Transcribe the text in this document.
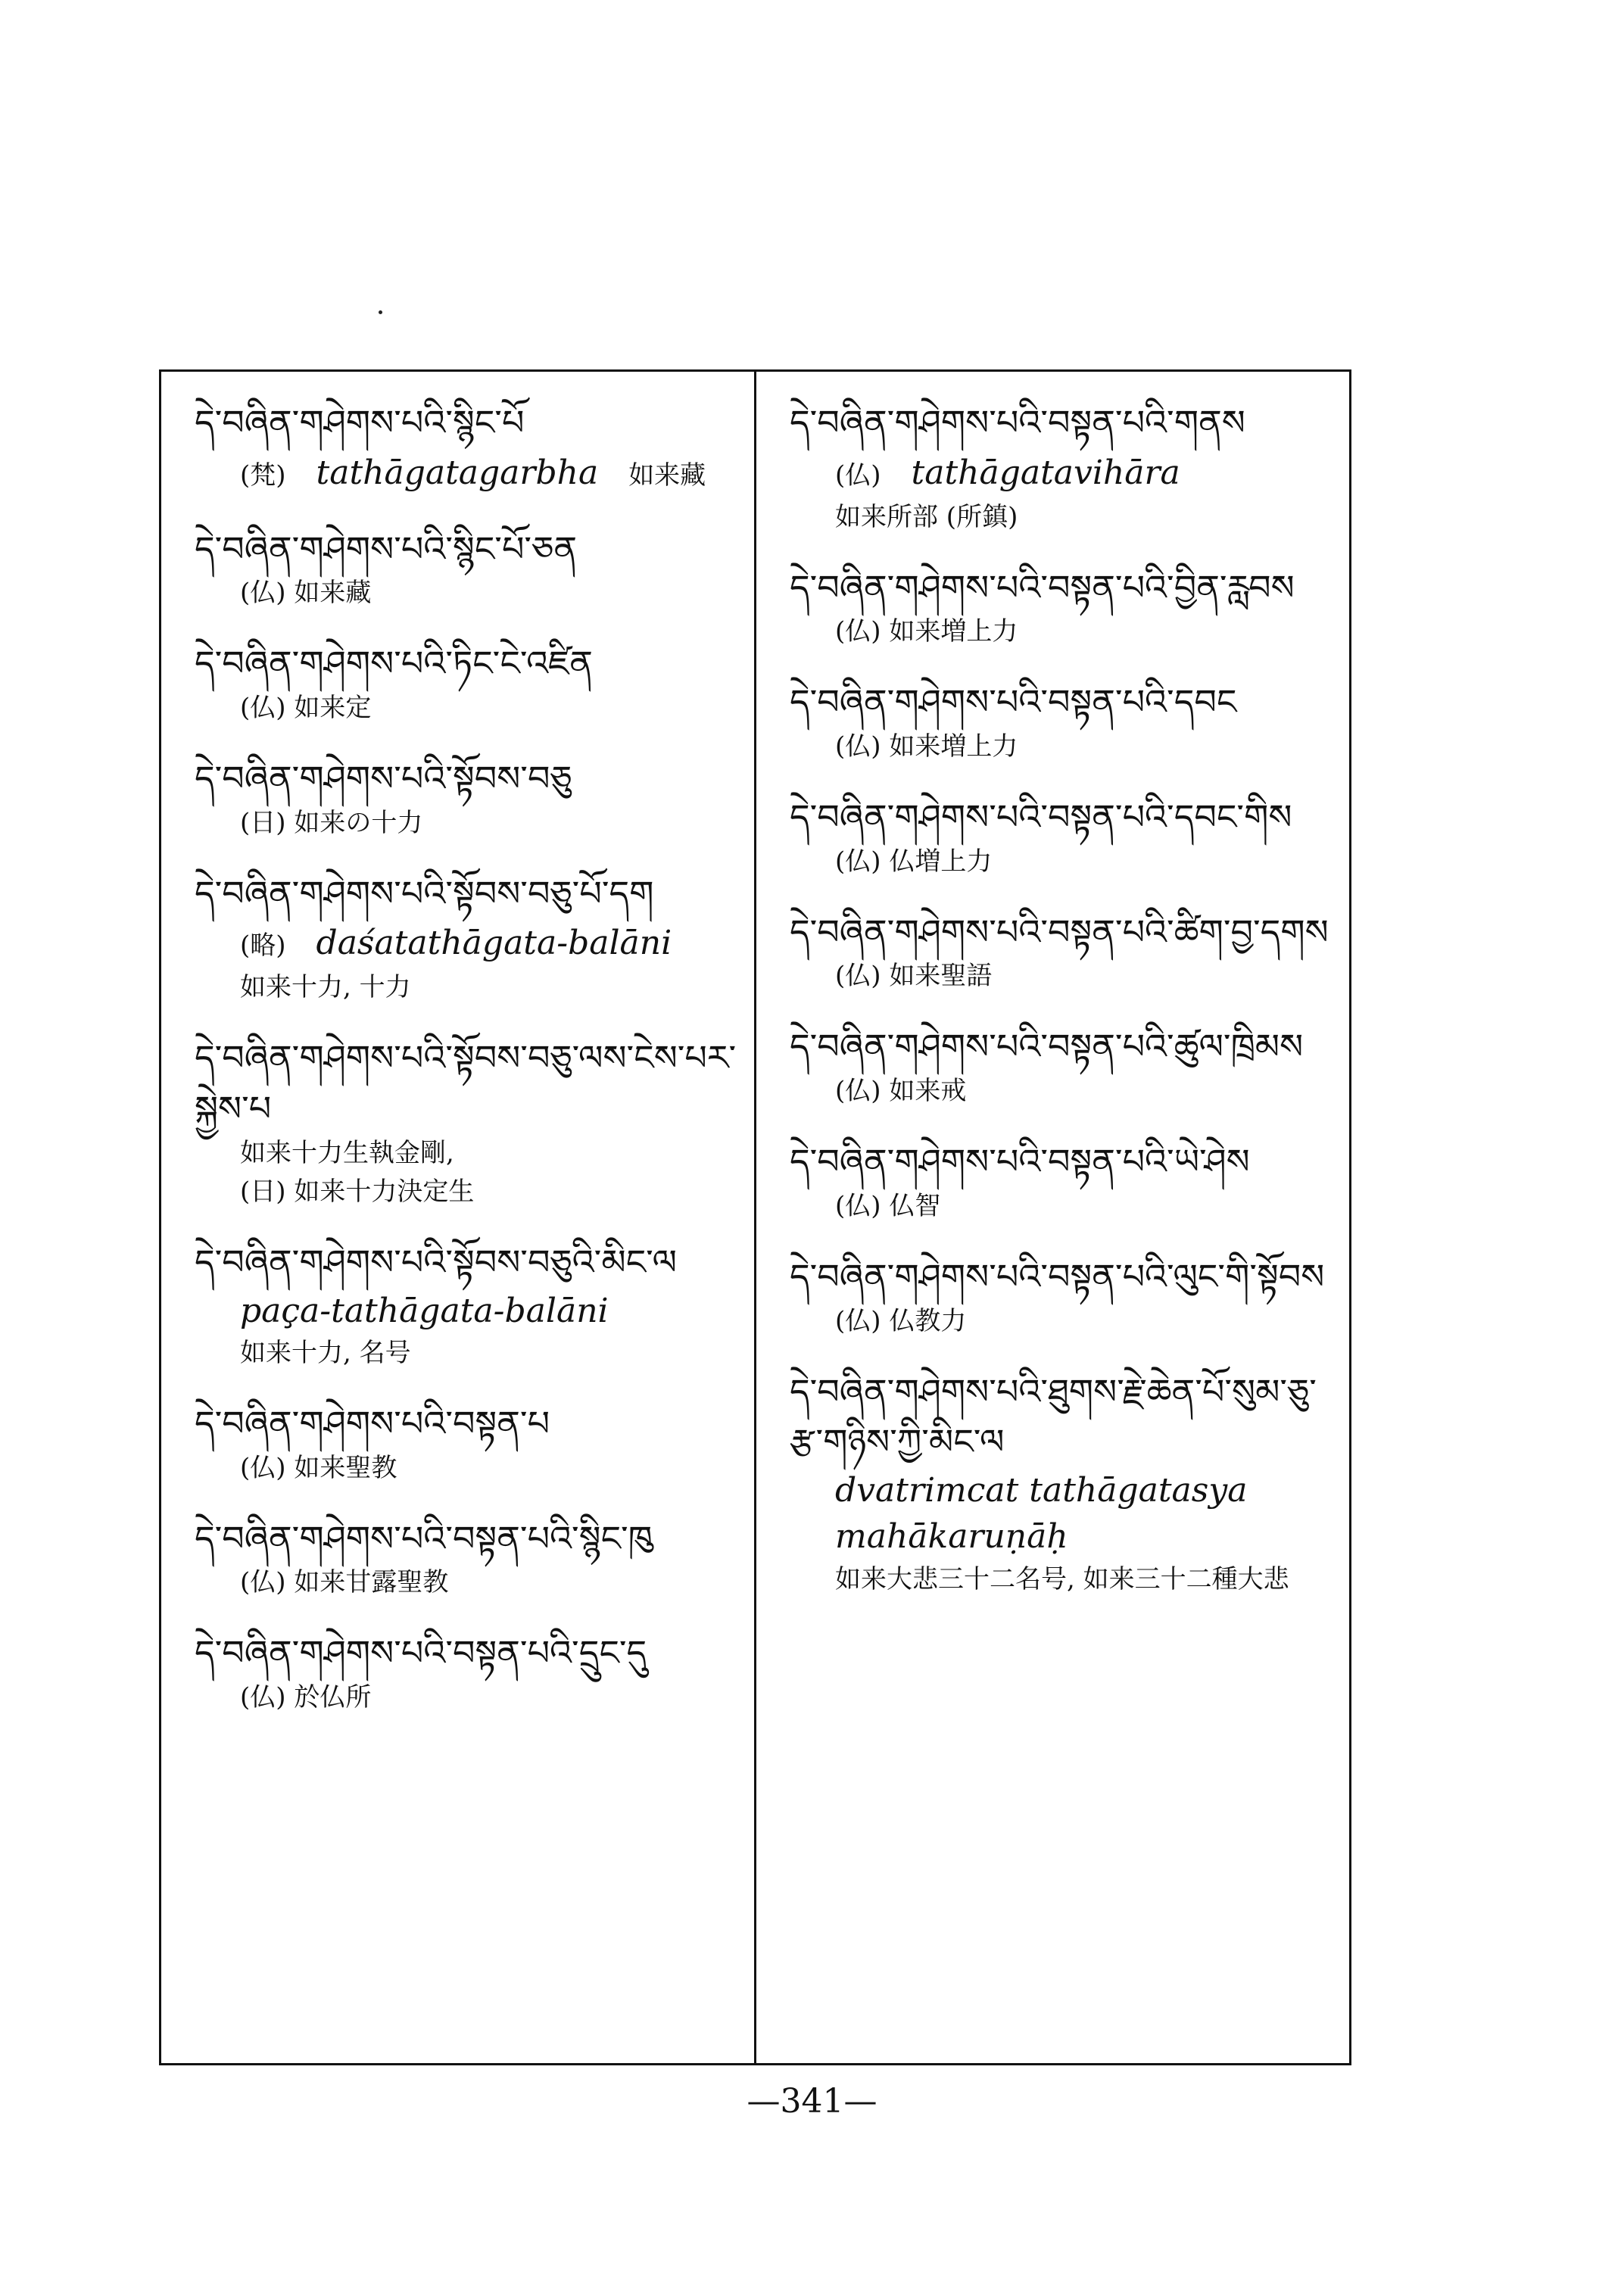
དེ་བཞིན་གཤེགས་པའི་སྙིང་པོ

(梵) tathāgatagarbha 如来藏

དེ་བཞིན་གཤེགས་པའི་སྙིང་པོ་ཅན

(仏) 如来藏

དེ་བཞིན་གཤེགས་པའི་ཏིང་ངེ་འཛིན

(仏) 如来定

དེ་བཞིན་གཤེགས་པའི་སྟོབས་བཅུ

(日) 如来の十力

དེ་བཞིན་གཤེགས་པའི་སྟོབས་བཅུ་པོ་དག

(略) daśatathāgata-balāni

如来十力, 十力

དེ་བཞིན་གཤེགས་པའི་སྟོབས་བཅུ་ལས་ངེས་པར་སྐྱེས་པ

如来十力生執金剛,

(日) 如来十力決定生

དེ་བཞིན་གཤེགས་པའི་སྟོབས་བཅུའི་མིང་ལ

paça-tathāgata-balāni

如来十力, 名号

དེ་བཞིན་གཤེགས་པའི་བསྟན་པ

(仏) 如来聖教

དེ་བཞིན་གཤེགས་པའི་བསྟན་པའི་སྙིང་ཁུ

(仏) 如来甘露聖教

དེ་བཞིན་གཤེགས་པའི་བསྟན་པའི་དྲུང་དུ

(仏) 於仏所

དེ་བཞིན་གཤེགས་པའི་བསྟན་པའི་གནས

(仏) tathāgatavihāra

如来所部 (所鎮)

དེ་བཞིན་གཤེགས་པའི་བསྟན་པའི་བྱིན་རླབས

(仏) 如来増上力

དེ་བཞིན་གཤེགས་པའི་བསྟན་པའི་དབང

(仏) 如来増上力

དེ་བཞིན་གཤེགས་པའི་བསྟན་པའི་དབང་གིས

(仏) 仏増上力

དེ་བཞིན་གཤེགས་པའི་བསྟན་པའི་ཚིག་བྱ་དགས

(仏) 如来聖語

དེ་བཞིན་གཤེགས་པའི་བསྟན་པའི་ཚུལ་ཁྲིམས

(仏) 如来戒

དེ་བཞིན་གཤེགས་པའི་བསྟན་པའི་ཡེ་ཤེས

(仏) 仏智

དེ་བཞིན་གཤེགས་པའི་བསྟན་པའི་ལུང་གི་སྟོབས

(仏) 仏教力

དེ་བཞིན་གཤེགས་པའི་ཐུགས་རྗེ་ཆེན་པོ་སུམ་ཅུ་རྩ་གཉིས་ཀྱི་མིང་ལ

dvatrimcat tathāgatasya

mahākaruṇāḥ

如来大悲三十二名号, 如来三十二種大悲

—341—
